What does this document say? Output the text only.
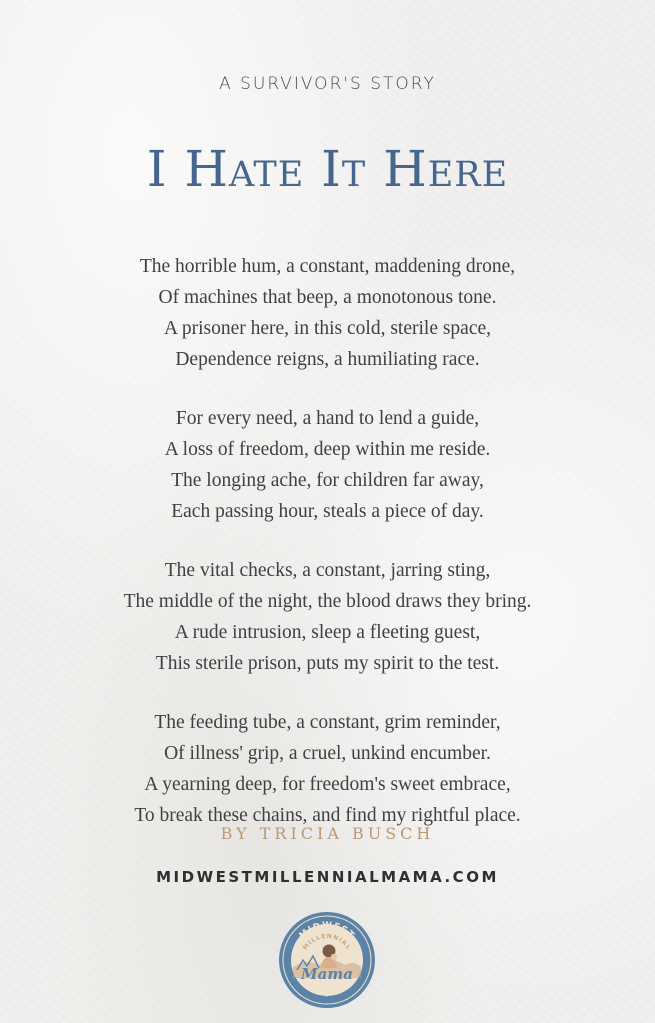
A SURVIVOR'S STORY
I Hate It Here
The horrible hum, a constant, maddening drone,
Of machines that beep, a monotonous tone.
A prisoner here, in this cold, sterile space,
Dependence reigns, a humiliating race.
For every need, a hand to lend a guide,
A loss of freedom, deep within me reside.
The longing ache, for children far away,
Each passing hour, steals a piece of day.
The vital checks, a constant, jarring sting,
The middle of the night, the blood draws they bring.
A rude intrusion, sleep a fleeting guest,
This sterile prison, puts my spirit to the test.
The feeding tube, a constant, grim reminder,
Of illness' grip, a cruel, unkind encumber.
A yearning deep, for freedom's sweet embrace,
To break these chains, and find my rightful place.
BY TRICIA BUSCH
MIDWESTMILLENNIALMAMA.COM
MIDWEST
MILLENNIAL
Mama
